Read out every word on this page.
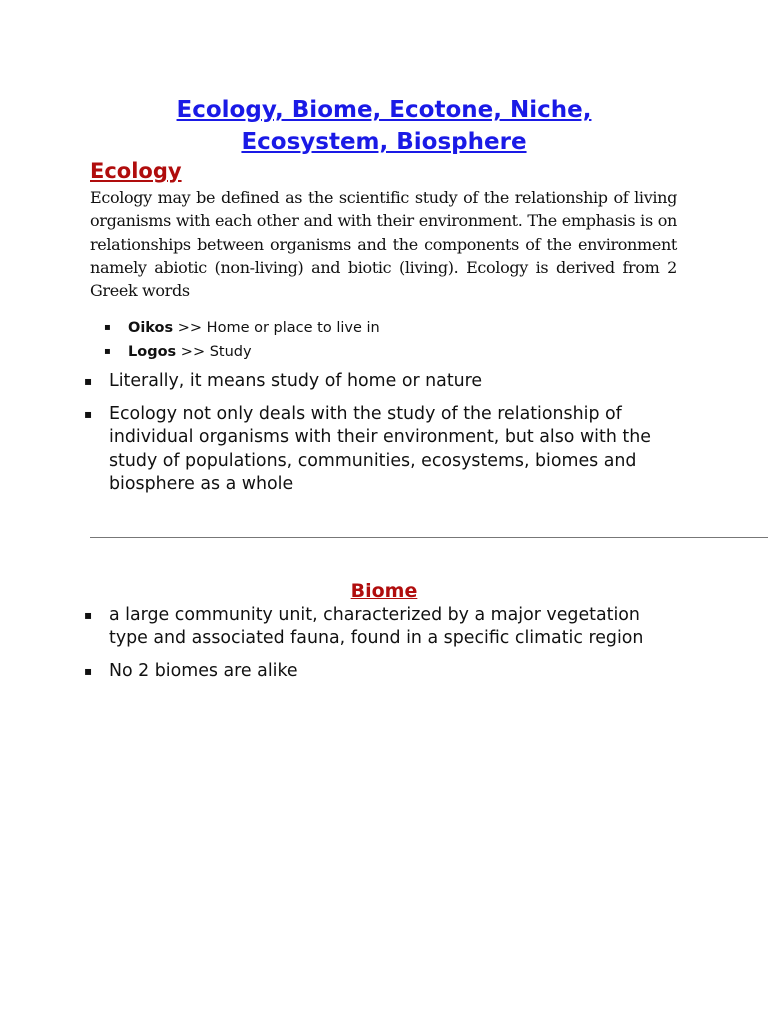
Ecology, Biome, Ecotone, Niche,
Ecosystem, Biosphere
Ecology

Ecology may be defined as the scientific study of the relationship of living organisms with each other and with their environment. The emphasis is on relationships between organisms and the components of the environment namely abiotic (non-living) and biotic (living). Ecology is derived from 2 Greek words

▪ Oikos >> Home or place to live in
▪ Logos >> Study
▪ Literally, it means study of home or nature
▪ Ecology not only deals with the study of the relationship of individual organisms with their environment, but also with the study of populations, communities, ecosystems, biomes and biosphere as a whole
Biome
▪ a large community unit, characterized by a major vegetation type and associated fauna, found in a specific climatic region
▪ No 2 biomes are alike
